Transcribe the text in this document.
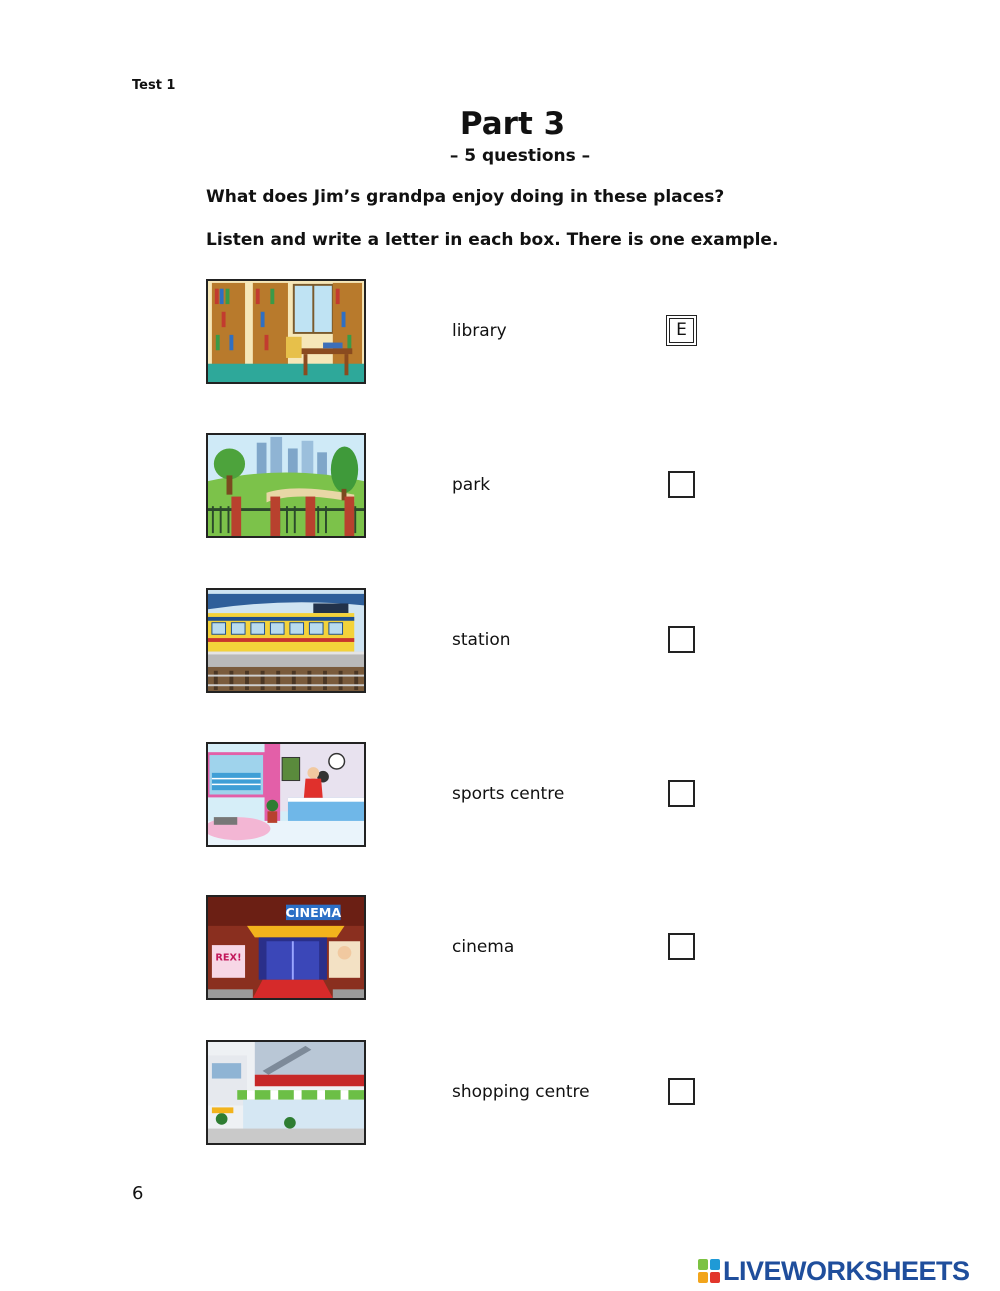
Test 1
Part 3
– 5 questions –
What does Jim’s grandpa enjoy doing in these places?
Listen and write a letter in each box. There is one example.
library	E
park
station
sports centre
CINEMA
REX!
cinema
shopping centre
6
LIVEWORKSHEETS
